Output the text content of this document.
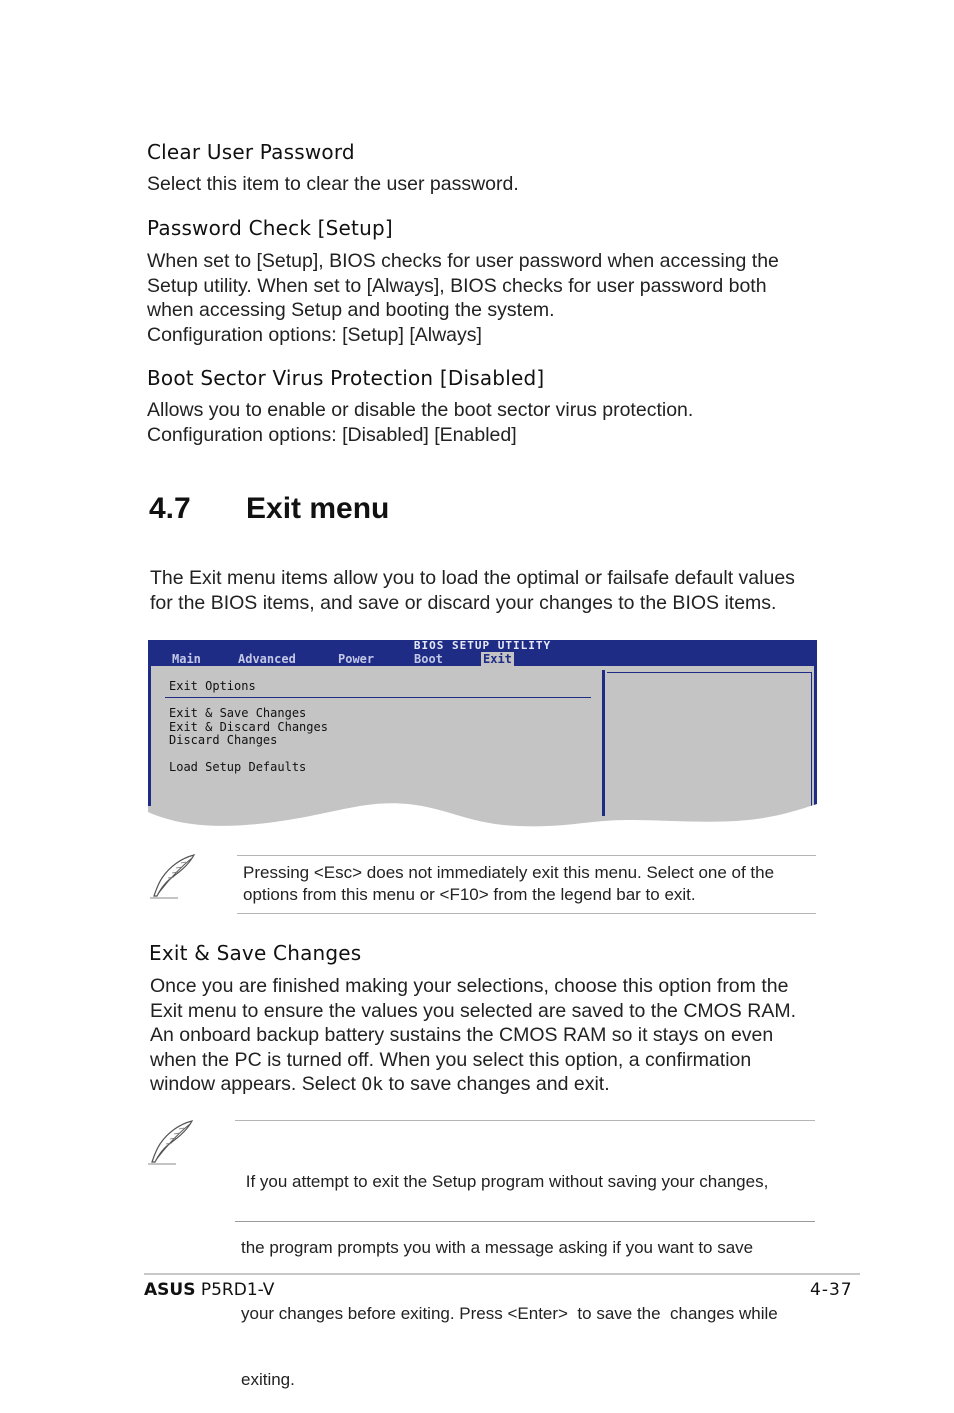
Clear User Password
Select this item to clear the user password.
Password Check [Setup]
When set to [Setup], BIOS checks for user password when accessing the
Setup utility. When set to [Always], BIOS checks for user password both
when accessing Setup and booting the system.
Configuration options: [Setup] [Always]
Boot Sector Virus Protection [Disabled]
Allows you to enable or disable the boot sector virus protection.
Configuration options: [Disabled] [Enabled]
4.7 Exit menu
The Exit menu items allow you to load the optimal or failsafe default values
for the BIOS items, and save or discard your changes to the BIOS items.
BIOS SETUP UTILITY
Main	Advanced	Power	Boot	Exit
Exit Options
Exit & Save Changes
Exit & Discard Changes
Discard Changes
Load Setup Defaults
Pressing <Esc> does not immediately exit this menu. Select one of the
options from this menu or <F10> from the legend bar to exit.
Exit & Save Changes
Once you are finished making your selections, choose this option from the
Exit menu to ensure the values you selected are saved to the CMOS RAM.
An onboard backup battery sustains the CMOS RAM so it stays on even
when the PC is turned off. When you select this option, a confirmation
window appears. Select Ok to save changes and exit.

If you attempt to exit the Setup program without saving your changes,

the program prompts you with a message asking if you want to save

your changes before exiting. Press <Enter>  to save the  changes while

exiting.

ASUS P5RD1-V	4-37
